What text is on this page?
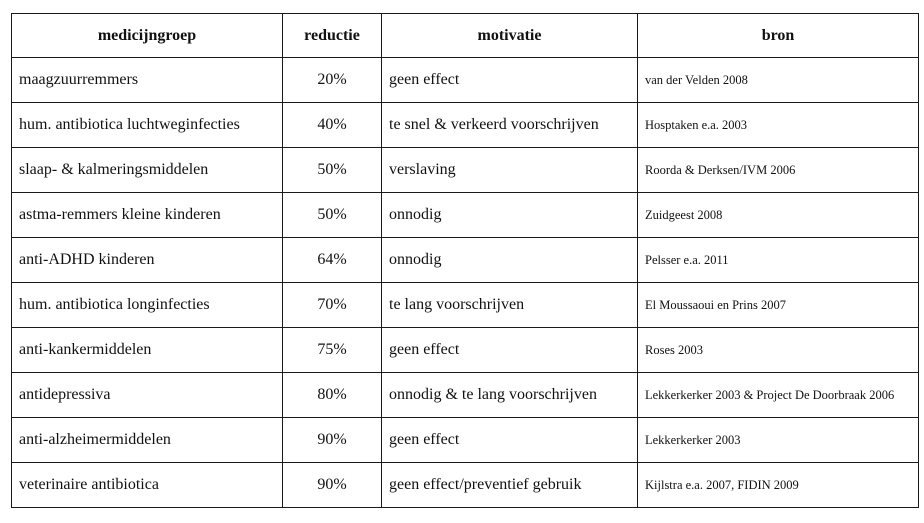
medicijngroep	reductie	motivatie	bron
maagzuurremmers	20%	geen effect	van der Velden 2008
hum. antibiotica luchtweginfecties	40%	te snel & verkeerd voorschrijven	Hosptaken e.a. 2003
slaap- & kalmeringsmiddelen	50%	verslaving	Roorda & Derksen/IVM 2006
astma-remmers kleine kinderen	50%	onnodig	Zuidgeest 2008
anti-ADHD kinderen	64%	onnodig	Pelsser e.a. 2011
hum. antibiotica longinfecties	70%	te lang voorschrijven	El Moussaoui en Prins 2007
anti-kankermiddelen	75%	geen effect	Roses 2003
antidepressiva	80%	onnodig & te lang voorschrijven	Lekkerkerker 2003 & Project De Doorbraak 2006
anti-alzheimermiddelen	90%	geen effect	Lekkerkerker 2003
veterinaire antibiotica	90%	geen effect/preventief gebruik	Kijlstra e.a. 2007, FIDIN 2009
